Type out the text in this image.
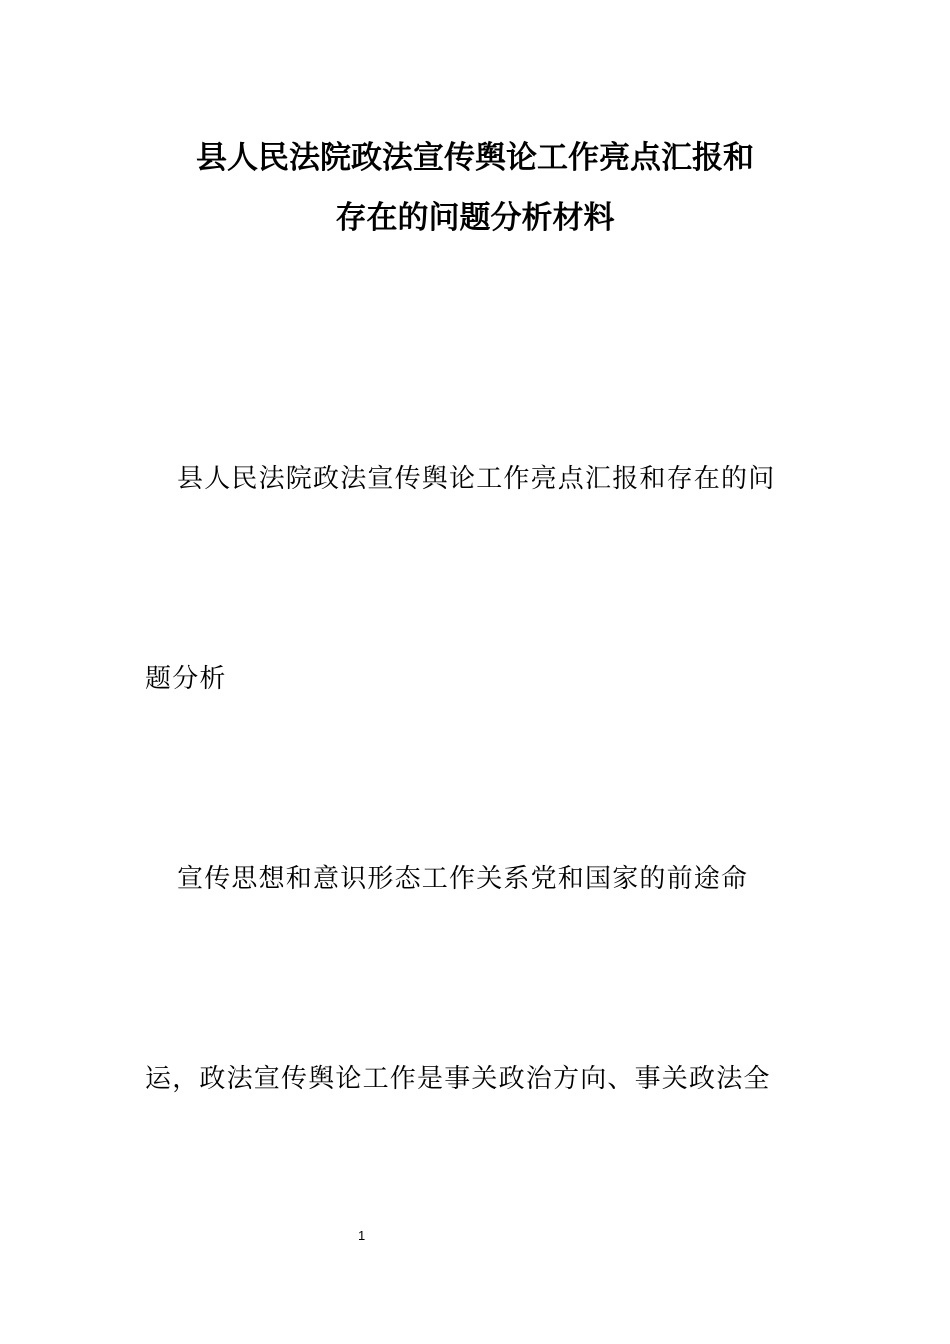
县人民法院政法宣传舆论工作亮点汇报和
存在的问题分析材料
县人民法院政法宣传舆论工作亮点汇报和存在的问
题分析
宣传思想和意识形态工作关系党和国家的前途命
运，政法宣传舆论工作是事关政治方向、事关政法全
1
